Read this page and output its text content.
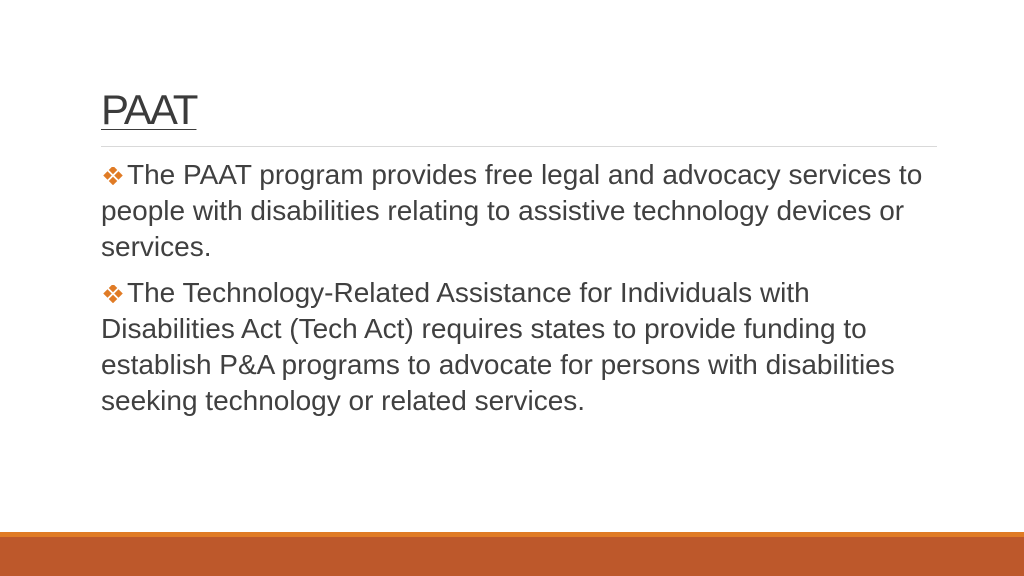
PAAT
The PAAT program provides free legal and advocacy services to people with disabilities relating to assistive technology devices or services.
The Technology-Related Assistance for Individuals with Disabilities Act (Tech Act) requires states to provide funding to establish P&A programs to advocate for persons with disabilities seeking technology or related services.
